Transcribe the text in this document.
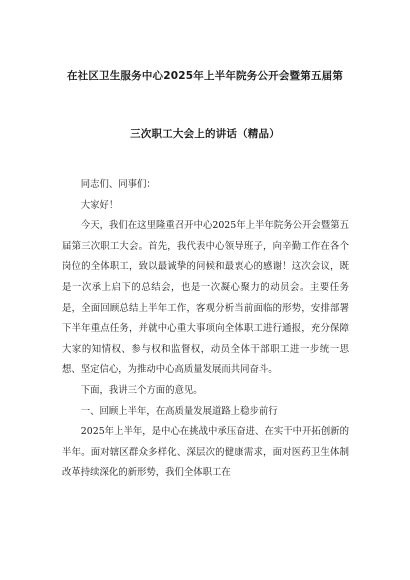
在社区卫生服务中心2025年上半年院务公开会暨第五届第
三次职工大会上的讲话（精品）

同志们、同事们：

大家好！

今天，我们在这里隆重召开中心2025年上半年院务公开会暨第五届第三次职工大会。首先，我代表中心领导班子，向辛勤工作在各个岗位的全体职工，致以最诚挚的问候和最衷心的感谢！这次会议，既是一次承上启下的总结会，也是一次凝心聚力的动员会。主要任务是，全面回顾总结上半年工作，客观分析当前面临的形势，安排部署下半年重点任务，并就中心重大事项向全体职工进行通报，充分保障大家的知情权、参与权和监督权，动员全体干部职工进一步统一思想、坚定信心，为推动中心高质量发展而共同奋斗。

下面，我讲三个方面的意见。

一、回顾上半年，在高质量发展道路上稳步前行

2025年上半年，是中心在挑战中承压奋进、在实干中开拓创新的半年。面对辖区群众多样化、深层次的健康需求，面对医药卫生体制改革持续深化的新形势，我们全体职工在
